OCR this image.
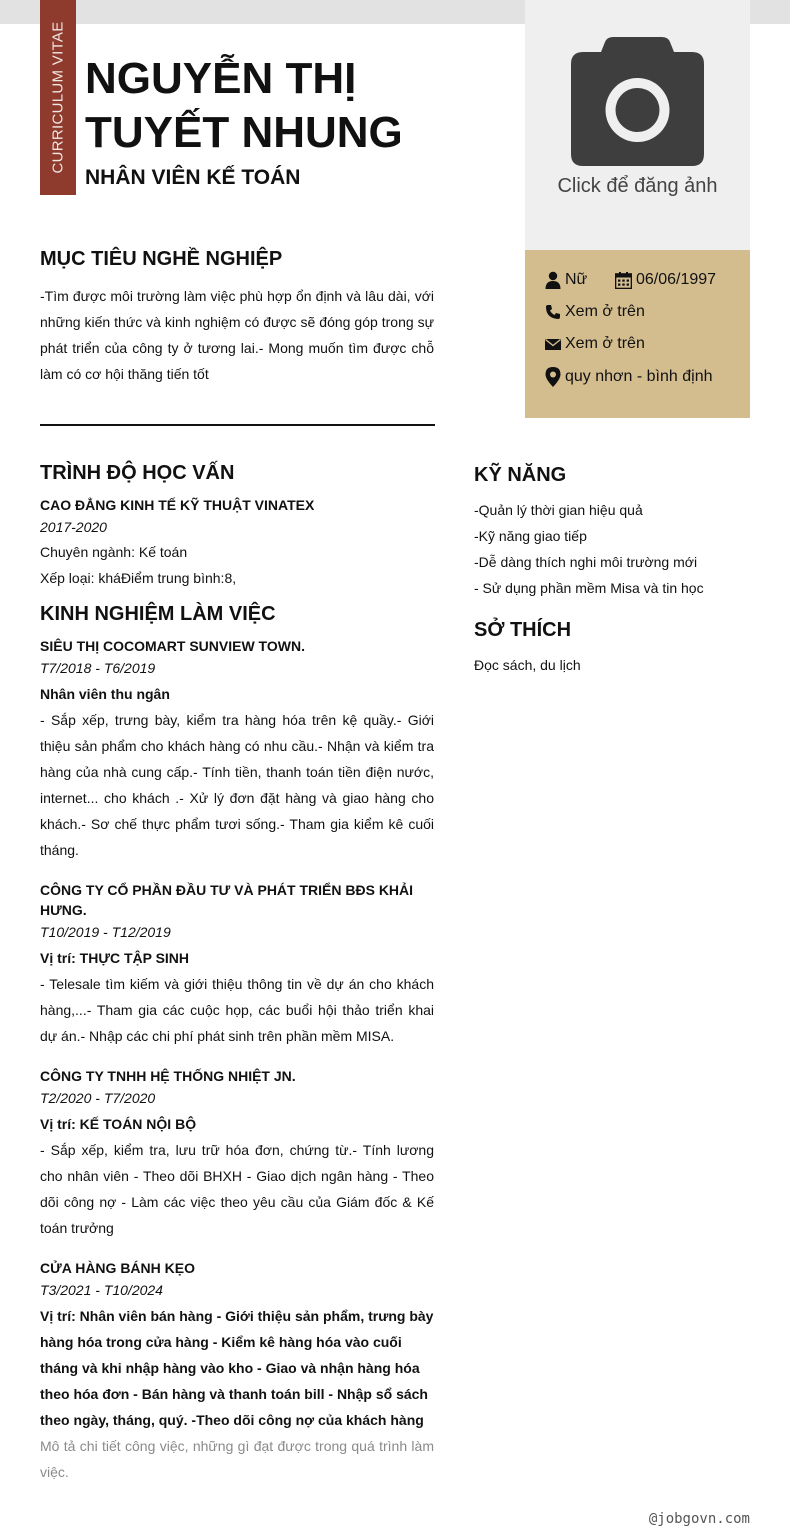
CURRICULUM VITAE NGUYỄN THỊ
TUYẾT NHUNG
NHÂN VIÊN KẾ TOÁN	Click để đăng ảnh
Nữ	06/06/1997
Xem ở trên
Xem ở trên
quy nhơn - bình định
MỤC TIÊU NGHỀ NGHIỆP

-Tìm được môi trường làm việc phù hợp ổn định và lâu dài, với những kiến thức và kinh nghiệm có được sẽ đóng góp trong sự phát triển của công ty ở tương lai.- Mong muốn tìm được chỗ làm có cơ hội thăng tiến tốt

TRÌNH ĐỘ HỌC VẤN
CAO ĐẲNG KINH TẾ KỸ THUẬT VINATEX
2017-2020
Chuyên ngành: Kế toán
Xếp loại: kháĐiểm trung bình:8,
KINH NGHIỆM LÀM VIỆC
SIÊU THỊ COCOMART SUNVIEW TOWN.
T7/2018 - T6/2019
Nhân viên thu ngân
- Sắp xếp, trưng bày, kiểm tra hàng hóa trên kệ quầy.- Giới thiệu sản phẩm cho khách hàng có nhu cầu.- Nhận và kiểm tra hàng của nhà cung cấp.- Tính tiền, thanh toán tiền điện nước, internet... cho khách .- Xử lý đơn đặt hàng và giao hàng cho khách.- Sơ chế thực phẩm tươi sống.- Tham gia kiểm kê cuối tháng.
CÔNG TY CỔ PHẦN ĐẦU TƯ VÀ PHÁT TRIỂN BĐS KHẢI HƯNG.
T10/2019 - T12/2019
Vị trí: THỰC TẬP SINH
- Telesale tìm kiếm và giới thiệu thông tin về dự án cho khách hàng,...- Tham gia các cuộc họp, các buổi hội thảo triển khai dự án.- Nhập các chi phí phát sinh trên phần mềm MISA.
CÔNG TY TNHH HỆ THỐNG NHIỆT JN.
T2/2020 - T7/2020
Vị trí: KẾ TOÁN NỘI BỘ
- Sắp xếp, kiểm tra, lưu trữ hóa đơn, chứng từ.- Tính lương cho nhân viên - Theo dõi BHXH - Giao dịch ngân hàng - Theo dõi công nợ - Làm các việc theo yêu cầu của Giám đốc & Kế toán trưởng
CỬA HÀNG BÁNH KẸO
T3/2021 - T10/2024
Vị trí: Nhân viên bán hàng - Giới thiệu sản phẩm, trưng bày hàng hóa trong cửa hàng - Kiểm kê hàng hóa vào cuối tháng và khi nhập hàng vào kho - Giao và nhận hàng hóa theo hóa đơn - Bán hàng và thanh toán bill - Nhập sổ sách theo ngày, tháng, quý. -Theo dõi công nợ của khách hàng
Mô tả chi tiết công việc, những gì đạt được trong quá trình làm việc.
KỸ NĂNG
-Quản lý thời gian hiệu quả
-Kỹ năng giao tiếp
-Dễ dàng thích nghi môi trường mới
- Sử dụng phần mềm Misa và tin học
SỞ THÍCH
Đọc sách, du lịch
@jobgovn.com
